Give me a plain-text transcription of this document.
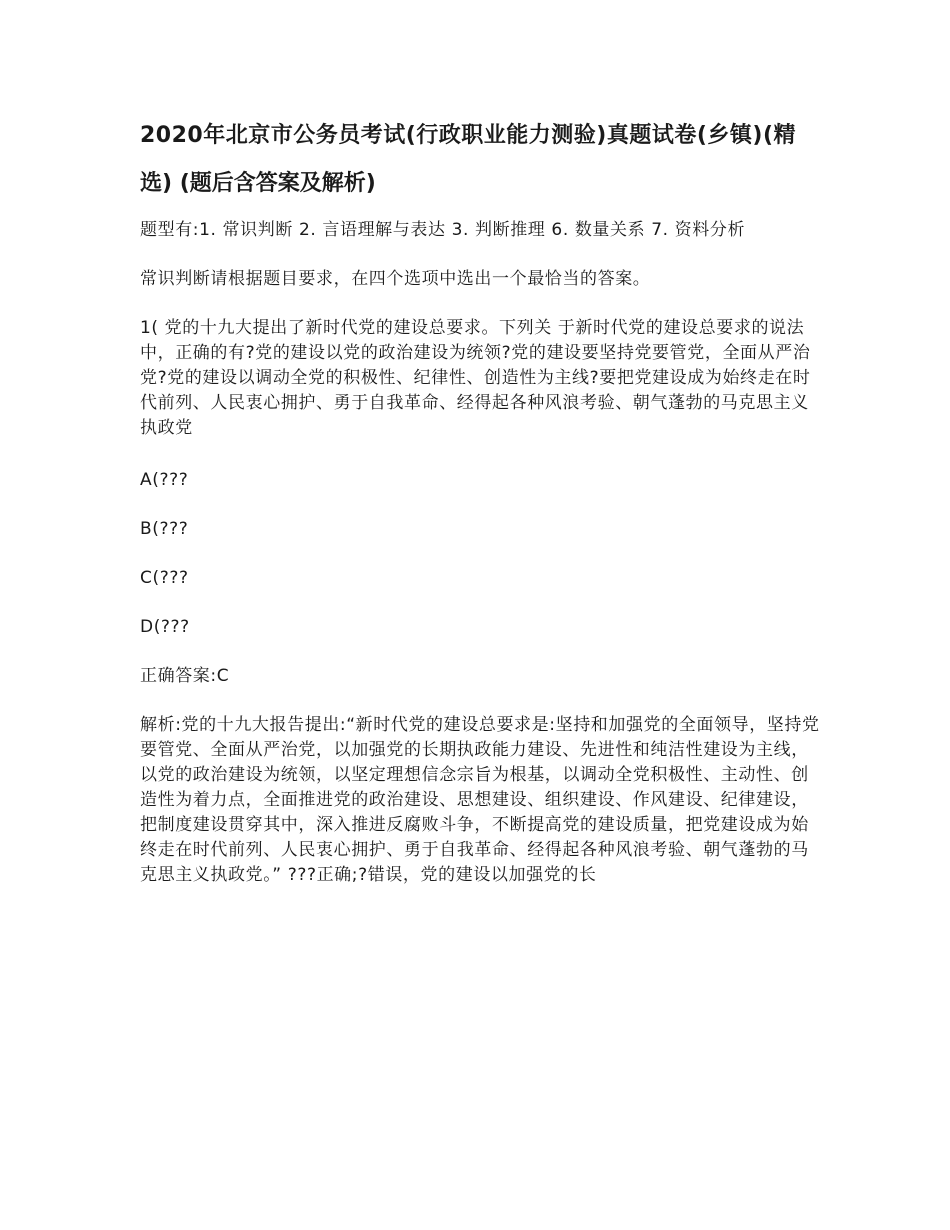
2020年北京市公务员考试(行政职业能力测验)真题试卷(乡镇)(精
选) (题后含答案及解析)

题型有:1. 常识判断 2. 言语理解与表达 3. 判断推理 6. 数量关系 7. 资料分析

常识判断请根据题目要求，在四个选项中选出一个最恰当的答案。

1( 党的十九大提出了新时代党的建设总要求。下列关 于新时代党的建设总要求的说法中，正确的有?党的建设以党的政治建设为统领?党的建设要坚持党要管党，全面从严治党?党的建设以调动全党的积极性、纪律性、创造性为主线?要把党建设成为始终走在时代前列、人民衷心拥护、勇于自我革命、经得起各种风浪考验、朝气蓬勃的马克思主义执政党

A(???

B(???

C(???

D(???

正确答案:C

解析:党的十九大报告提出:“新时代党的建设总要求是:坚持和加强党的全面领导，坚持党要管党、全面从严治党，以加强党的长期执政能力建设、先进性和纯洁性建设为主线，以党的政治建设为统领，以坚定理想信念宗旨为根基，以调动全党积极性、主动性、创造性为着力点，全面推进党的政治建设、思想建设、组织建设、作风建设、纪律建设，把制度建设贯穿其中，深入推进反腐败斗争，不断提高党的建设质量，把党建设成为始终走在时代前列、人民衷心拥护、勇于自我革命、经得起各种风浪考验、朝气蓬勃的马克思主义执政党。” ???正确;?错误，党的建设以加强党的长
